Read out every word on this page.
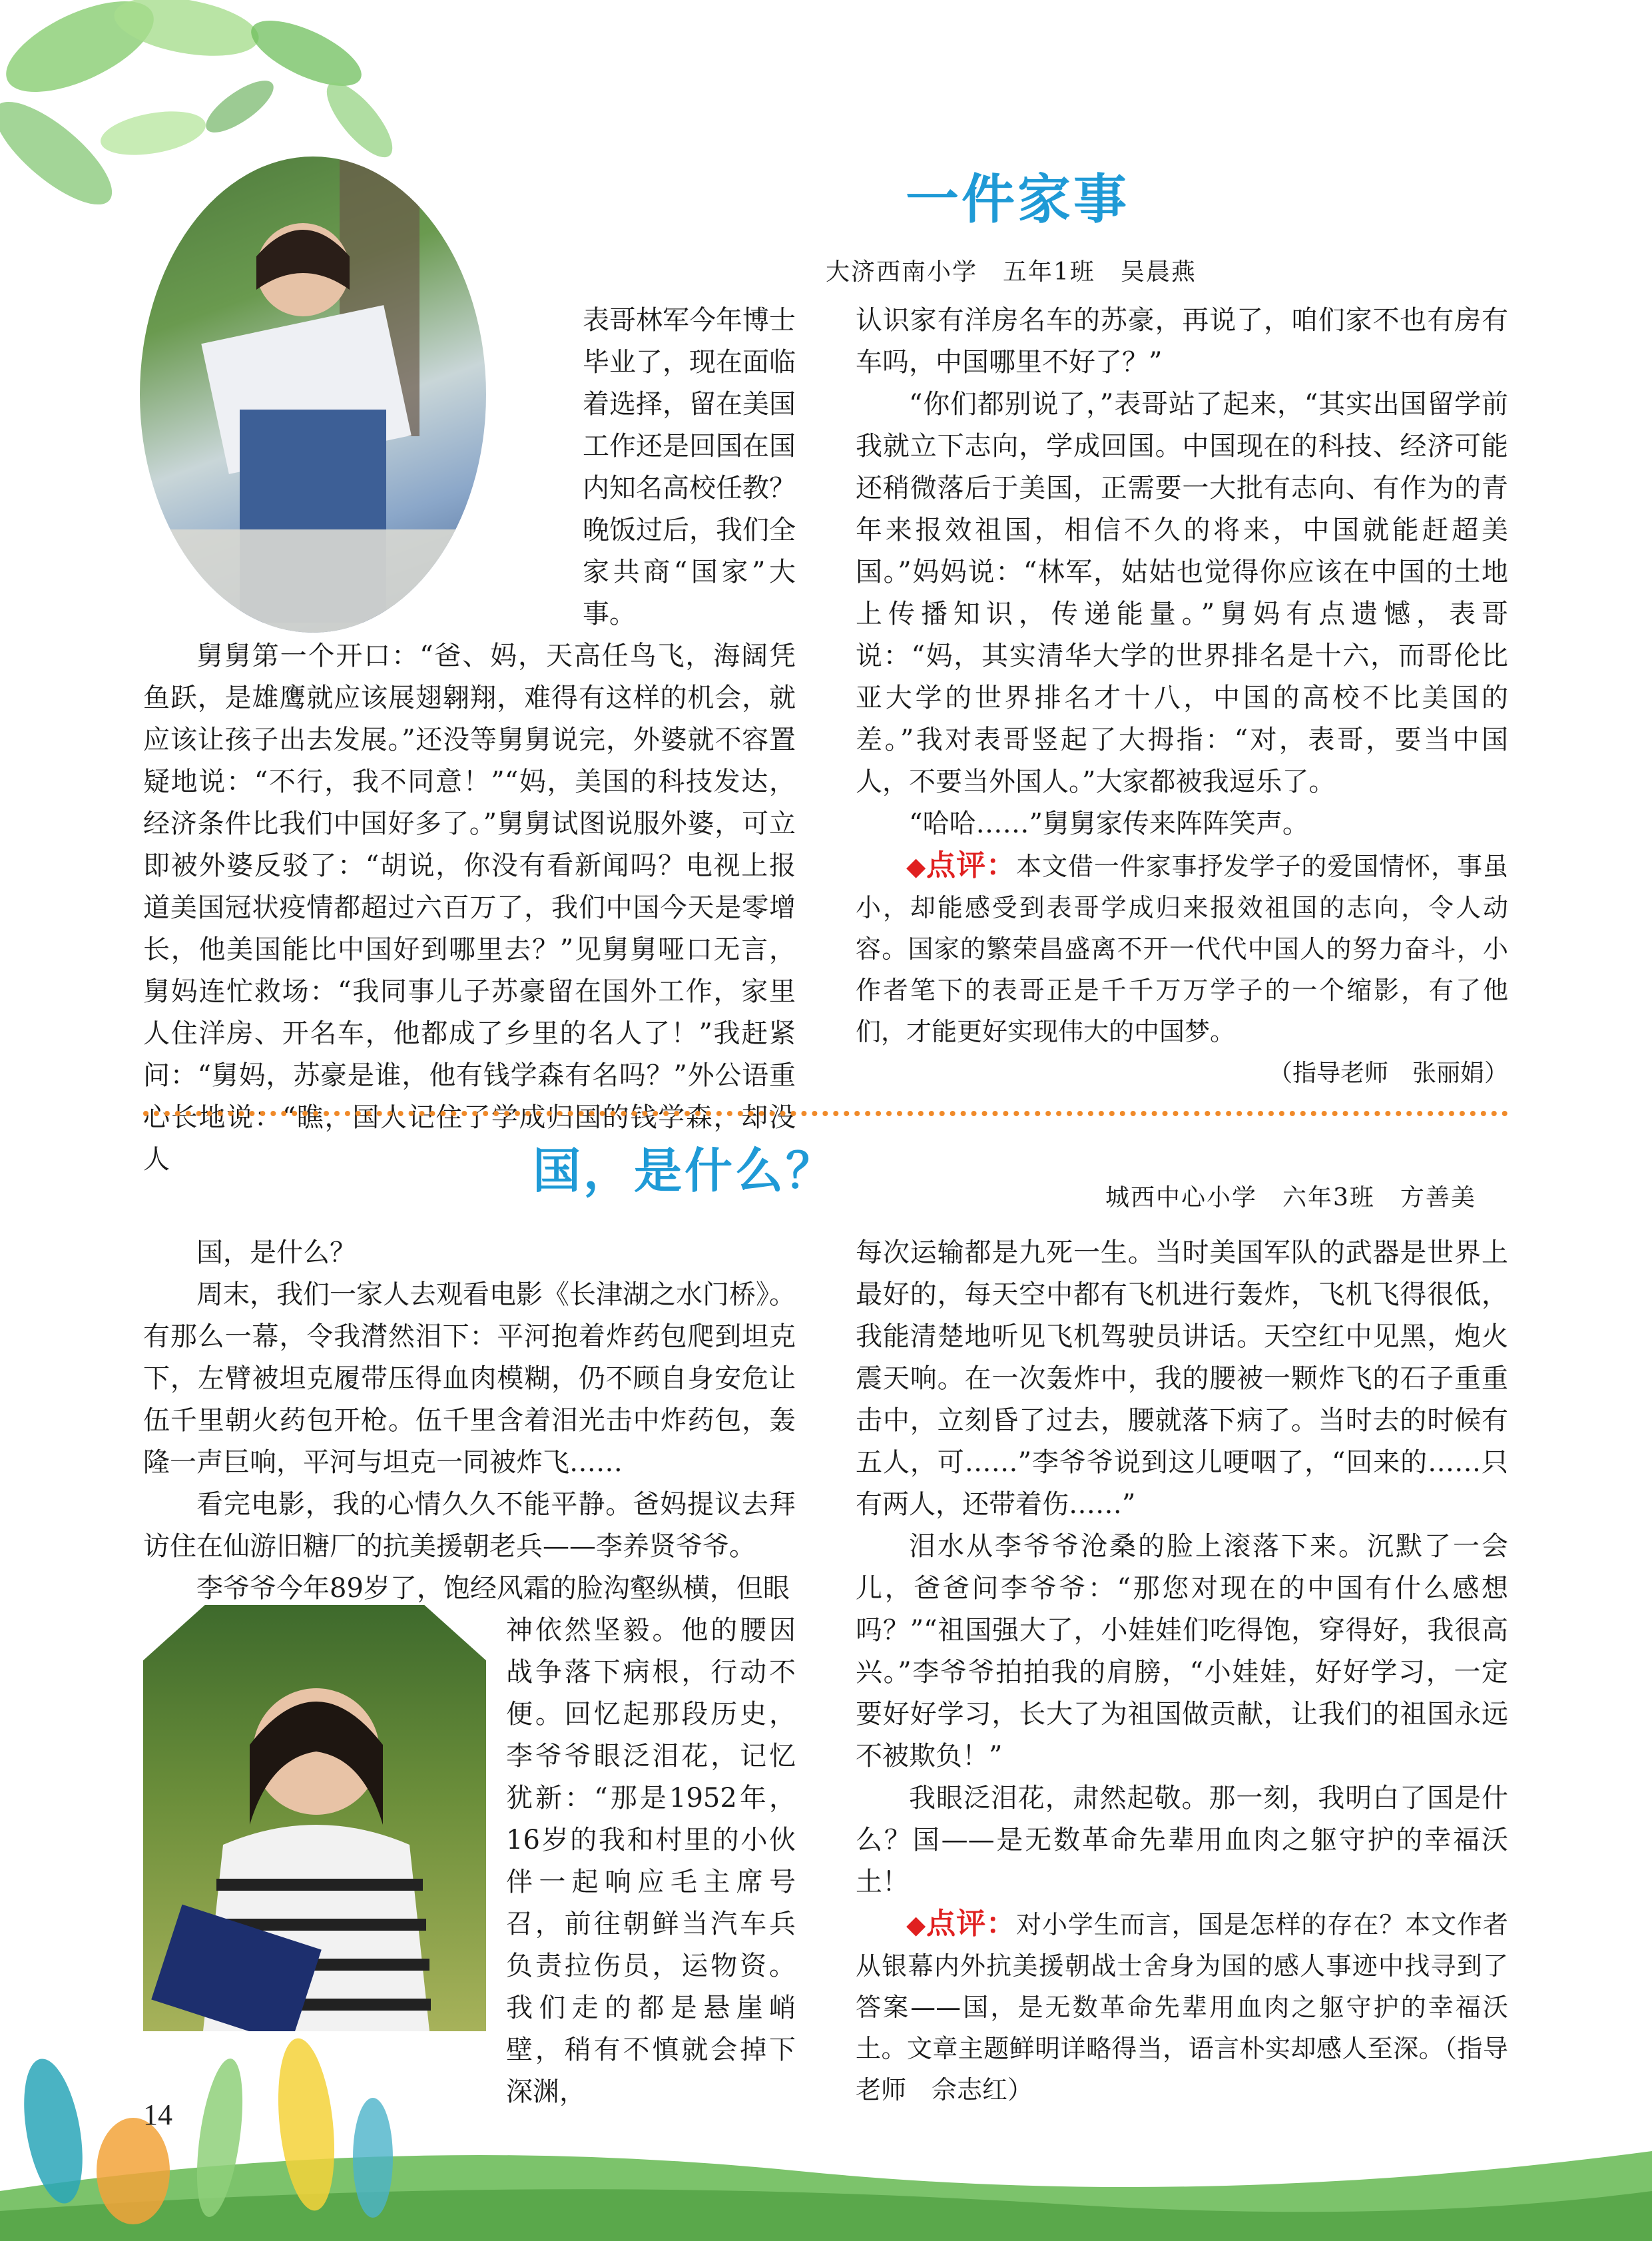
一件家事
大济西南小学　五年1班　吴晨燕

表哥林军今年博士毕业了，现在面临着选择，留在美国工作还是回国在国内知名高校任教？晚饭过后，我们全家共商“国家”大事。

舅舅第一个开口：“爸、妈，天高任鸟飞，海阔凭鱼跃，是雄鹰就应该展翅翱翔，难得有这样的机会，就应该让孩子出去发展。”还没等舅舅说完，外婆就不容置疑地说：“不行，我不同意！”“妈，美国的科技发达，经济条件比我们中国好多了。”舅舅试图说服外婆，可立即被外婆反驳了：“胡说，你没有看新闻吗？电视上报道美国冠状疫情都超过六百万了，我们中国今天是零增长，他美国能比中国好到哪里去？”见舅舅哑口无言，舅妈连忙救场：“我同事儿子苏豪留在国外工作，家里人住洋房、开名车，他都成了乡里的名人了！”我赶紧问：“舅妈，苏豪是谁，他有钱学森有名吗？”外公语重心长地说：“瞧，国人记住了学成归国的钱学森，却没人

认识家有洋房名车的苏豪，再说了，咱们家不也有房有车吗，中国哪里不好了？”

“你们都别说了，”表哥站了起来，“其实出国留学前我就立下志向，学成回国。中国现在的科技、经济可能还稍微落后于美国，正需要一大批有志向、有作为的青年来报效祖国，相信不久的将来，中国就能赶超美国。”妈妈说：“林军，姑姑也觉得你应该在中国的土地上传播知识，传递能量。”舅妈有点遗憾，表哥说：“妈，其实清华大学的世界排名是十六，而哥伦比亚大学的世界排名才十八，中国的高校不比美国的差。”我对表哥竖起了大拇指：“对，表哥，要当中国人，不要当外国人。”大家都被我逗乐了。

“哈哈……”舅舅家传来阵阵笑声。

◆点评：本文借一件家事抒发学子的爱国情怀，事虽小，却能感受到表哥学成归来报效祖国的志向，令人动容。国家的繁荣昌盛离不开一代代中国人的努力奋斗，小作者笔下的表哥正是千千万万学子的一个缩影，有了他们，才能更好实现伟大的中国梦。
（指导老师　张丽娟）
国，是什么？	城西中心小学　六年3班　方善美

国，是什么？

周末，我们一家人去观看电影《长津湖之水门桥》。有那么一幕，令我潸然泪下：平河抱着炸药包爬到坦克下，左臂被坦克履带压得血肉模糊，仍不顾自身安危让伍千里朝火药包开枪。伍千里含着泪光击中炸药包，轰隆一声巨响，平河与坦克一同被炸飞……

看完电影，我的心情久久不能平静。爸妈提议去拜访住在仙游旧糖厂的抗美援朝老兵——李养贤爷爷。

李爷爷今年89岁了，饱经风霜的脸沟壑纵横，但眼

神依然坚毅。他的腰因战争落下病根，行动不便。回忆起那段历史，李爷爷眼泛泪花，记忆犹新：“那是1952年，16岁的我和村里的小伙伴一起响应毛主席号召，前往朝鲜当汽车兵负责拉伤员，运物资。我们走的都是悬崖峭壁，稍有不慎就会掉下深渊，

每次运输都是九死一生。当时美国军队的武器是世界上最好的，每天空中都有飞机进行轰炸，飞机飞得很低，我能清楚地听见飞机驾驶员讲话。天空红中见黑，炮火震天响。在一次轰炸中，我的腰被一颗炸飞的石子重重击中，立刻昏了过去，腰就落下病了。当时去的时候有五人，可……”李爷爷说到这儿哽咽了，“回来的……只有两人，还带着伤……”

泪水从李爷爷沧桑的脸上滚落下来。沉默了一会儿，爸爸问李爷爷：“那您对现在的中国有什么感想吗？”“祖国强大了，小娃娃们吃得饱，穿得好，我很高兴。”李爷爷拍拍我的肩膀，“小娃娃，好好学习，一定要好好学习，长大了为祖国做贡献，让我们的祖国永远不被欺负！”

我眼泛泪花，肃然起敬。那一刻，我明白了国是什么？国——是无数革命先辈用血肉之躯守护的幸福沃土！

◆点评：对小学生而言，国是怎样的存在？本文作者从银幕内外抗美援朝战士舍身为国的感人事迹中找寻到了答案——国，是无数革命先辈用血肉之躯守护的幸福沃土。文章主题鲜明详略得当，语言朴实却感人至深。（指导老师　佘志红）
14
